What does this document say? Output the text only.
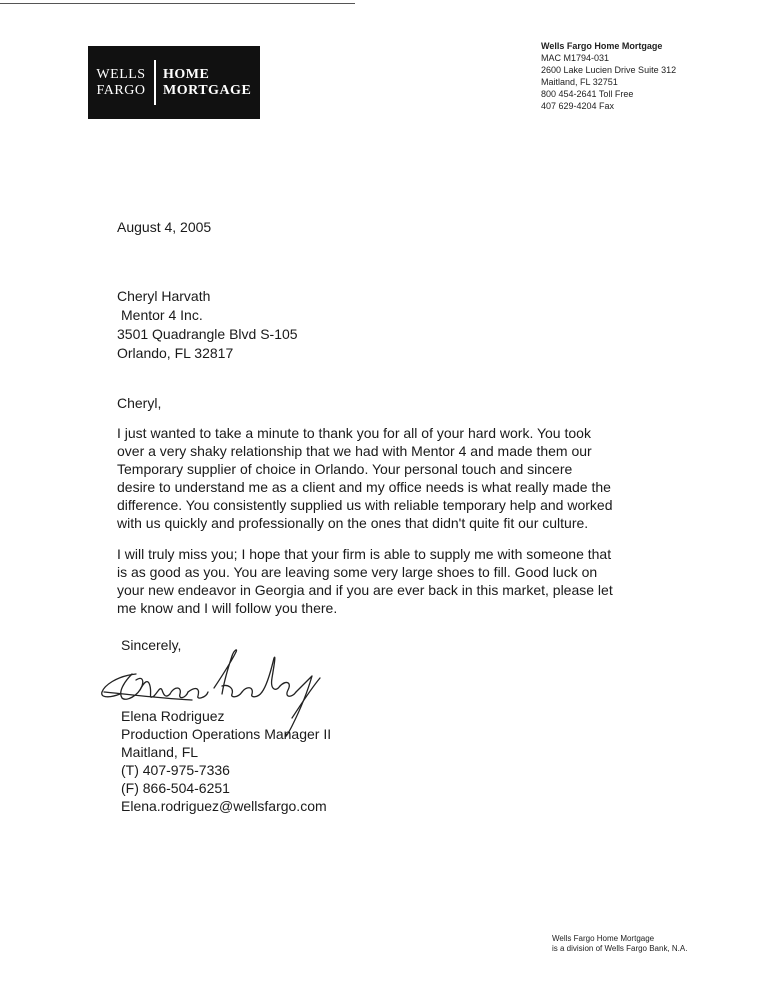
WELLS
FARGO
HOME
MORTGAGE
Wells Fargo Home Mortgage
MAC M1794-031
2600 Lake Lucien Drive Suite 312
Maitland, FL 32751
800 454-2641 Toll Free
407 629-4204 Fax
August 4, 2005
Cheryl Harvath
Mentor 4 Inc.
3501 Quadrangle Blvd S-105
Orlando, FL 32817
Cheryl,
I just wanted to take a minute to thank you for all of your hard work. You took
over a very shaky relationship that we had with Mentor 4 and made them our
Temporary supplier of choice in Orlando. Your personal touch and sincere
desire to understand me as a client and my office needs is what really made the
difference. You consistently supplied us with reliable temporary help and worked
with us quickly and professionally on the ones that didn't quite fit our culture.
I will truly miss you; I hope that your firm is able to supply me with someone that
is as good as you. You are leaving some very large shoes to fill. Good luck on
your new endeavor in Georgia and if you are ever back in this market, please let
me know and I will follow you there.
Sincerely,
Elena Rodriguez
Production Operations Manager II
Maitland, FL
(T) 407-975-7336
(F) 866-504-6251
Elena.rodriguez@wellsfargo.com
Wells Fargo Home Mortgage
is a division of Wells Fargo Bank, N.A.
